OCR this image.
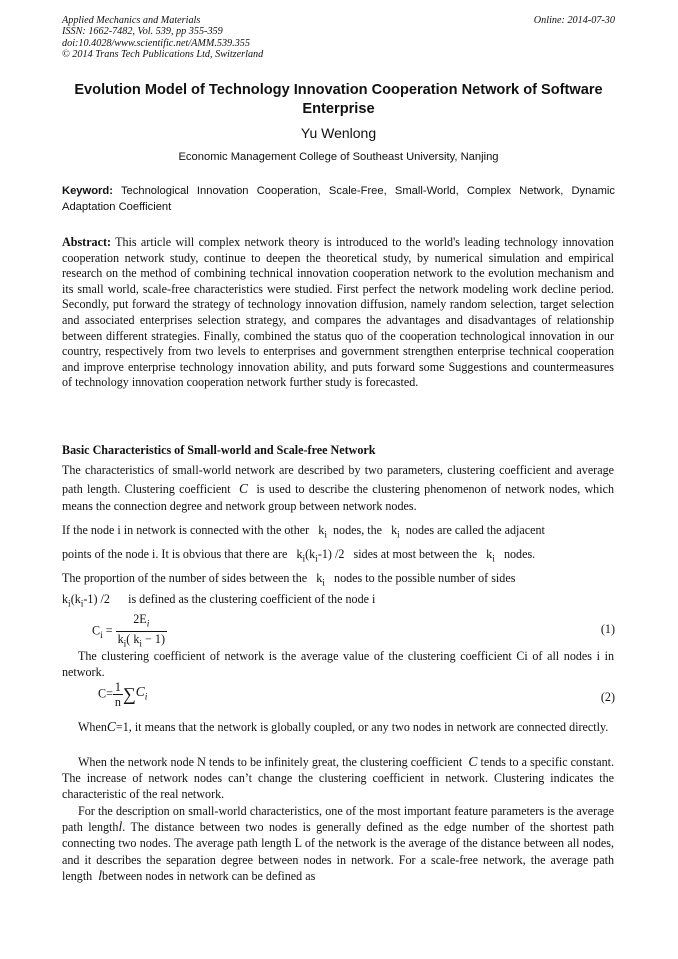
Applied Mechanics and Materials
ISSN: 1662-7482, Vol. 539, pp 355-359
doi:10.4028/www.scientific.net/AMM.539.355
© 2014 Trans Tech Publications Ltd, Switzerland
Online: 2014-07-30
Evolution Model of Technology Innovation Cooperation Network of Software Enterprise
Yu Wenlong
Economic Management College of Southeast University, Nanjing
Keyword: Technological Innovation Cooperation, Scale-Free, Small-World, Complex Network, Dynamic Adaptation Coefficient
Abstract: This article will complex network theory is introduced to the world's leading technology innovation cooperation network study, continue to deepen the theoretical study, by numerical simulation and empirical research on the method of combining technical innovation cooperation network to the evolution mechanism and its small world, scale-free characteristics were studied. First perfect the network modeling work decline period. Secondly, put forward the strategy of technology innovation diffusion, namely random selection, target selection and associated enterprises selection strategy, and compares the advantages and disadvantages of relationship between different strategies. Finally, combined the status quo of the cooperation technological innovation in our country, respectively from two levels to enterprises and government strengthen enterprise technical cooperation and improve enterprise technology innovation ability, and puts forward some Suggestions and countermeasures of technology innovation cooperation network further study is forecasted.
Basic Characteristics of Small-world and Scale-free Network
The characteristics of small-world network are described by two parameters, clustering coefficient and average path length. Clustering coefficient C is used to describe the clustering phenomenon of network nodes, which means the connection degree and network group between network nodes.
If the node i in network is connected with the other   $k_i$ nodes, the   $k_i$ nodes are called the adjacent
points of the node i. It is obvious that there are $k_i(k_i-1)$ /2 sides at most between the   $k_i$ nodes.
The proportion of the number of sides between the   $k_i$ nodes to the possible number of sides
$k_i(k_i-1)$ /2 is defined as the clustering coefficient of the node i
$C_i = \frac{2E_i}{k_i( k_i - 1)}$	(1)
The clustering coefficient of network is the average value of the clustering coefficient Ci of all nodes i in network.
$C= \frac{1}{n} \sum C_i$	(2)
WhenC=1, it means that the network is globally coupled, or any two nodes in network are connected directly.
When the network node N tends to be infinitely great, the clustering coefficient C tends to a specific constant. The increase of network nodes can’t change the clustering coefficient in network. Clustering indicates the characteristic of the real network.
For the description on small-world characteristics, one of the most important feature parameters is the average path lengthl. The distance between two nodes is generally defined as the edge number of the shortest path connecting two nodes. The average path length L of the network is the average of the distance between all nodes, and it describes the separation degree between nodes in network. For a scale-free network, the average path length lbetween nodes in network can be defined as
